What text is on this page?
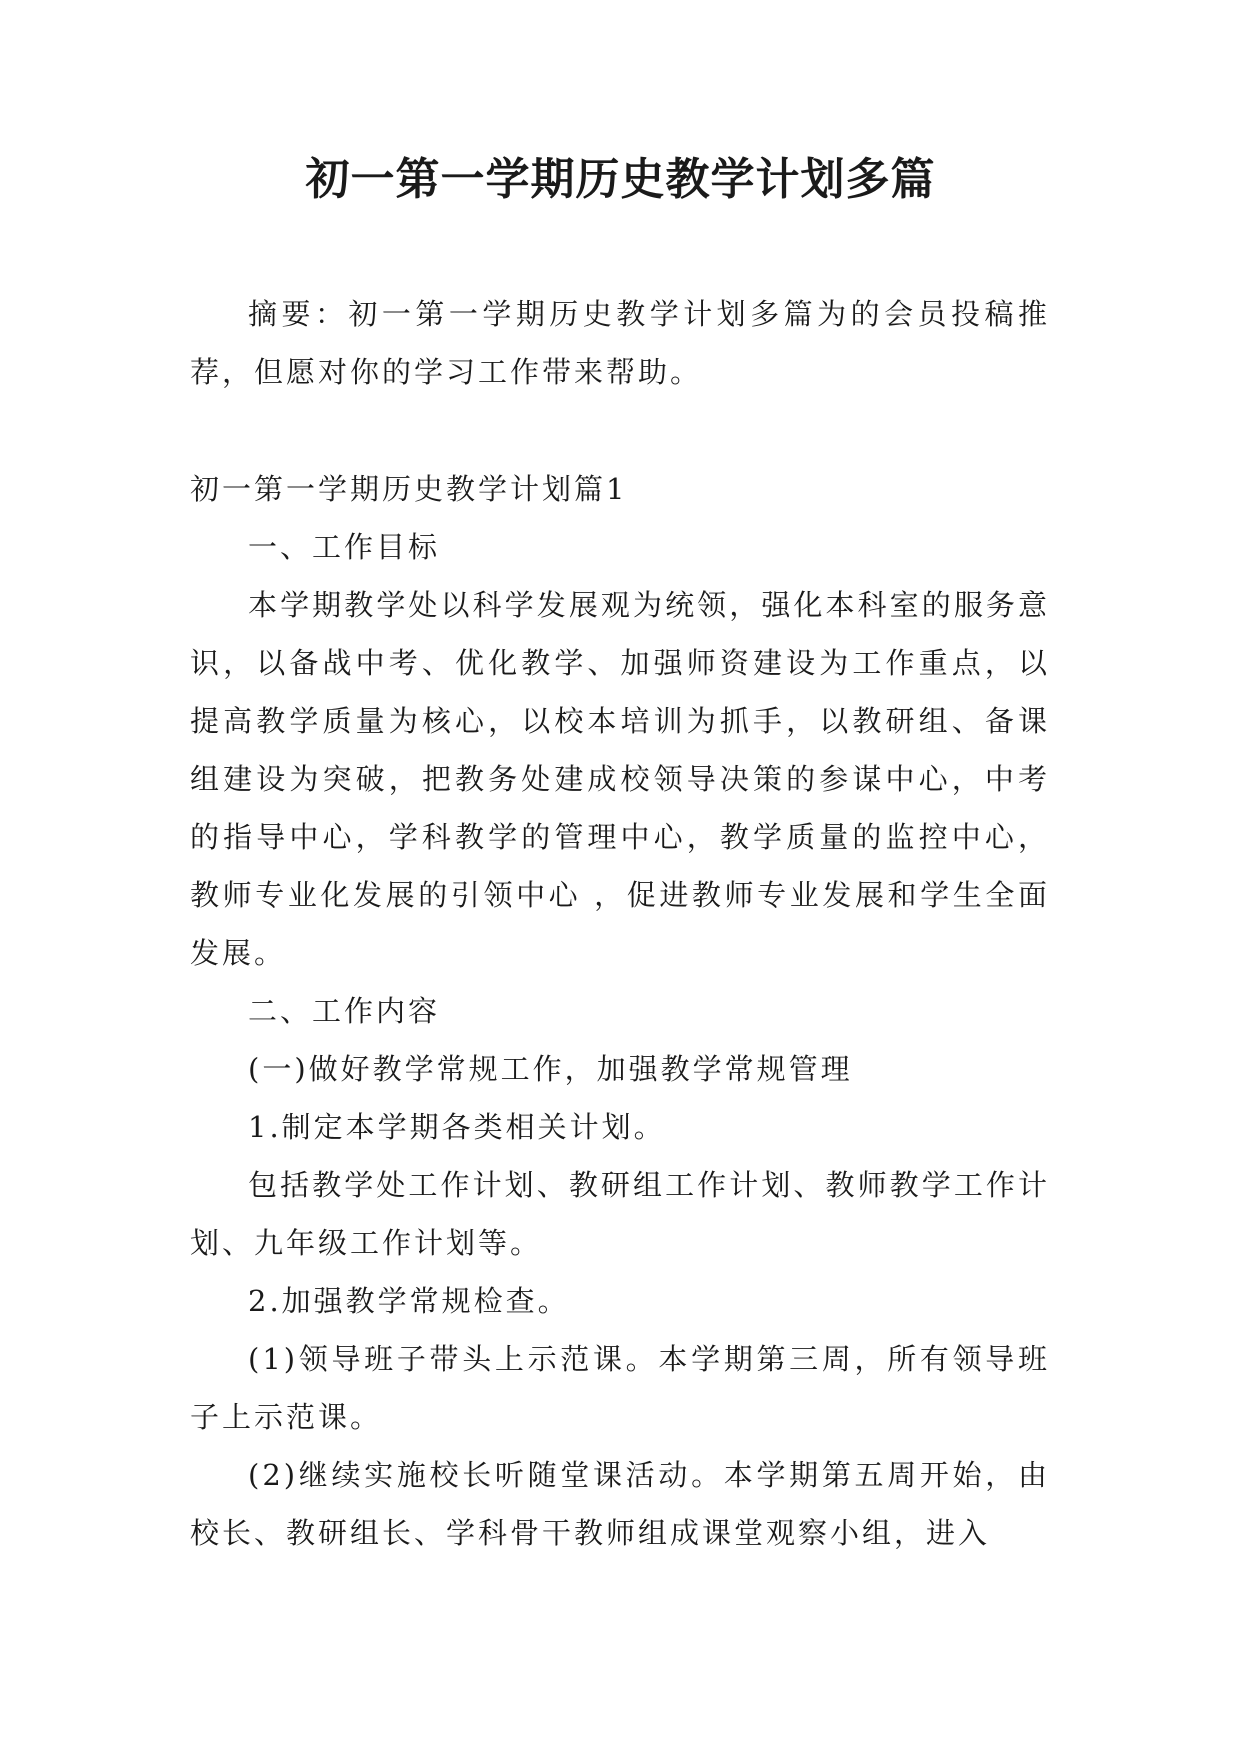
初一第一学期历史教学计划多篇

摘要：初一第一学期历史教学计划多篇为的会员投稿推荐，但愿对你的学习工作带来帮助。

初一第一学期历史教学计划篇1

一、工作目标

本学期教学处以科学发展观为统领，强化本科室的服务意识，以备战中考、优化教学、加强师资建设为工作重点，以提高教学质量为核心，以校本培训为抓手，以教研组、备课组建设为突破，把教务处建成校领导决策的参谋中心，中考的指导中心，学科教学的管理中心，教学质量的监控中心，教师专业化发展的引领中心 ，促进教师专业发展和学生全面发展。

二、工作内容

(一)做好教学常规工作，加强教学常规管理

1.制定本学期各类相关计划。

包括教学处工作计划、教研组工作计划、教师教学工作计划、九年级工作计划等。

2.加强教学常规检查。

(1)领导班子带头上示范课。本学期第三周，所有领导班子上示范课。

(2)继续实施校长听随堂课活动。本学期第五周开始，由校长、教研组长、学科骨干教师组成课堂观察小组，进入
